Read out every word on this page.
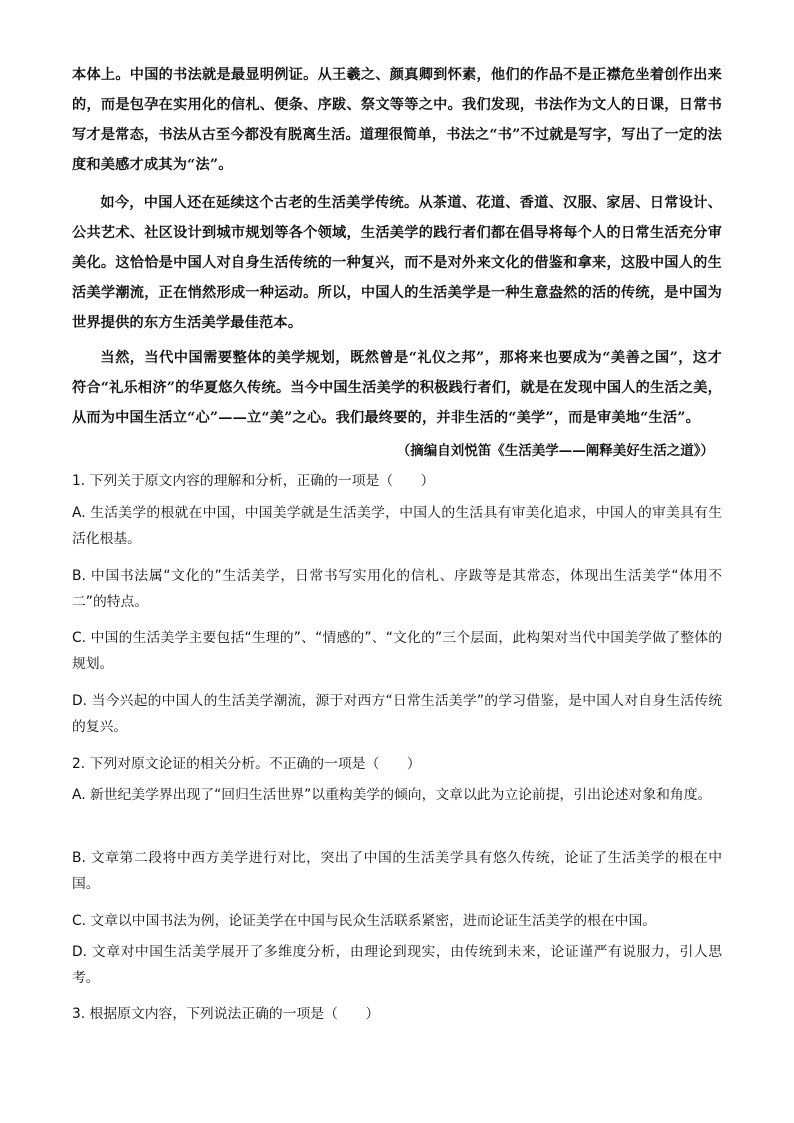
本体上。中国的书法就是最显明例证。从王羲之、颜真卿到怀素，他们的作品不是正襟危坐着创作出来的，而是包孕在实用化的信札、便条、序跋、祭文等等之中。我们发现，书法作为文人的日课，日常书写才是常态，书法从古至今都没有脱离生活。道理很简单，书法之“书”不过就是写字，写出了一定的法度和美感才成其为“法”。
如今，中国人还在延续这个古老的生活美学传统。从茶道、花道、香道、汉服、家居、日常设计、公共艺术、社区设计到城市规划等各个领域，生活美学的践行者们都在倡导将每个人的日常生活充分审美化。这恰恰是中国人对自身生活传统的一种复兴，而不是对外来文化的借鉴和拿来，这股中国人的生活美学潮流，正在悄然形成一种运动。所以，中国人的生活美学是一种生意盎然的活的传统，是中国为世界提供的东方生活美学最佳范本。
当然，当代中国需要整体的美学规划，既然曾是“礼仪之邦”，那将来也要成为“美善之国”，这才符合“礼乐相济”的华夏悠久传统。当今中国生活美学的积极践行者们，就是在发现中国人的生活之美，从而为中国生活立“心”——立“美”之心。我们最终要的，并非生活的“美学”，而是审美地“生活”。
（摘编自刘悦笛《生活美学——阐释美好生活之道》）
1. 下列关于原文内容的理解和分析，正确的一项是（　　）
A. 生活美学的根就在中国，中国美学就是生活美学，中国人的生活具有审美化追求，中国人的审美具有生活化根基。
B. 中国书法属“文化的”生活美学，日常书写实用化的信札、序跋等是其常态，体现出生活美学“体用不二”的特点。
C. 中国的生活美学主要包括“生理的”、“情感的”、“文化的”三个层面，此构架对当代中国美学做了整体的规划。
D. 当今兴起的中国人的生活美学潮流，源于对西方“日常生活美学”的学习借鉴，是中国人对自身生活传统的复兴。
2. 下列对原文论证的相关分析。不正确的一项是（　　）
A. 新世纪美学界出现了“回归生活世界”以重构美学的倾向，文章以此为立论前提，引出论述对象和角度。
B. 文章第二段将中西方美学进行对比，突出了中国的生活美学具有悠久传统，论证了生活美学的根在中国。
C. 文章以中国书法为例，论证美学在中国与民众生活联系紧密，进而论证生活美学的根在中国。
D. 文章对中国生活美学展开了多维度分析，由理论到现实，由传统到未来，论证谨严有说服力，引人思考。
3. 根据原文内容，下列说法正确的一项是（　　）
